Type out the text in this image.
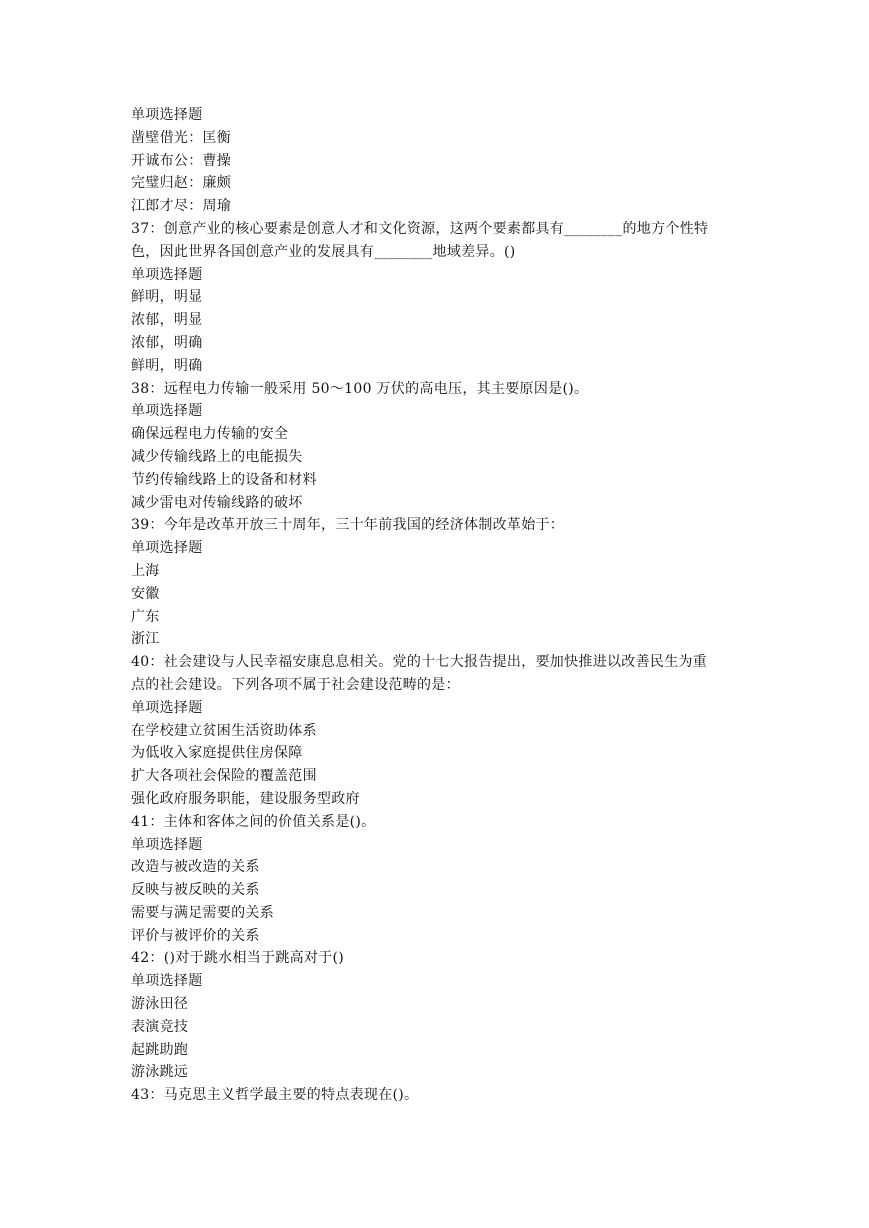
单项选择题
凿壁借光：匡衡
开诚布公：曹操
完璧归赵：廉颇
江郎才尽：周瑜
37：创意产业的核心要素是创意人才和文化资源，这两个要素都具有________的地方个性特
色，因此世界各国创意产业的发展具有________地域差异。()
单项选择题
鲜明，明显
浓郁，明显
浓郁，明确
鲜明，明确
38：远程电力传输一般采用 50～100 万伏的高电压，其主要原因是()。
单项选择题
确保远程电力传输的安全
减少传输线路上的电能损失
节约传输线路上的设备和材料
减少雷电对传输线路的破坏
39：今年是改革开放三十周年，三十年前我国的经济体制改革始于：
单项选择题
上海
安徽
广东
浙江
40：社会建设与人民幸福安康息息相关。党的十七大报告提出，要加快推进以改善民生为重
点的社会建设。下列各项不属于社会建设范畴的是：
单项选择题
在学校建立贫困生活资助体系
为低收入家庭提供住房保障
扩大各项社会保险的覆盖范围
强化政府服务职能，建设服务型政府
41：主体和客体之间的价值关系是()。
单项选择题
改造与被改造的关系
反映与被反映的关系
需要与满足需要的关系
评价与被评价的关系
42：()对于跳水相当于跳高对于()
单项选择题
游泳田径
表演竞技
起跳助跑
游泳跳远
43：马克思主义哲学最主要的特点表现在()。
